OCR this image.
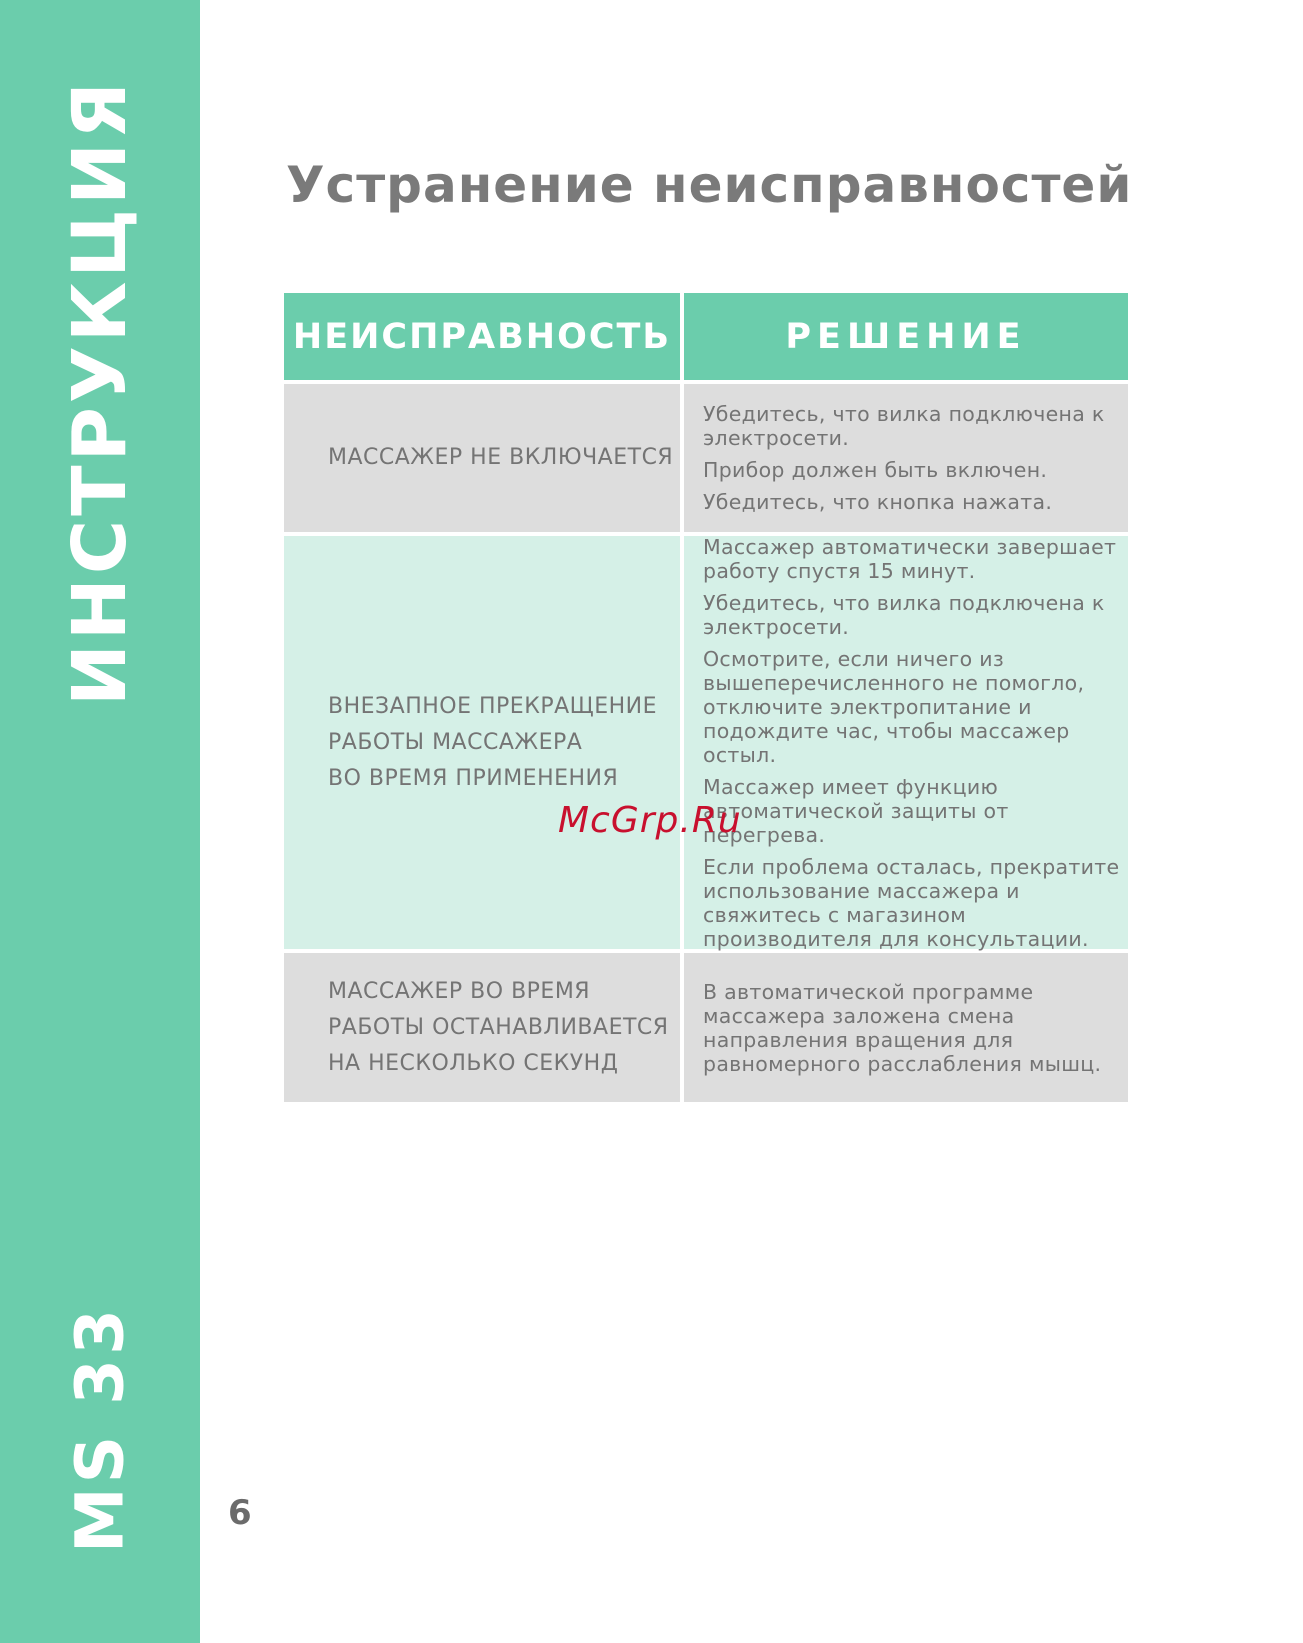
ИНСТРУКЦИЯ
MS 33	6
Устранение неисправностей
НЕИСПРАВНОСТЬ	РЕШЕНИЕ
МАССАЖЕР НЕ ВКЛЮЧАЕТСЯ

Убедитесь, что вилка подключена к электросети.

Прибор должен быть включен.

Убедитесь, что кнопка нажата.

ВНЕЗАПНОЕ ПРЕКРАЩЕНИЕ
РАБОТЫ МАССАЖЕРА
ВО ВРЕМЯ ПРИМЕНЕНИЯ

Массажер автоматически завершает работу спустя 15 минут.

Убедитесь, что вилка подключена к электросети.

Осмотрите, если ничего из вышеперечисленного не помогло, отключите электропитание и подождите час, чтобы массажер остыл.

Массажер имеет функцию автоматической защиты от перегрева.

Если проблема осталась, прекратите использование массажера и свяжитесь с магазином производителя для консультации.

МАССАЖЕР ВО ВРЕМЯ
РАБОТЫ ОСТАНАВЛИВАЕТСЯ
НА НЕСКОЛЬКО СЕКУНД

В автоматической программе массажера заложена смена направления вращения для равномерного расслабления мышц.

McGrp.Ru
